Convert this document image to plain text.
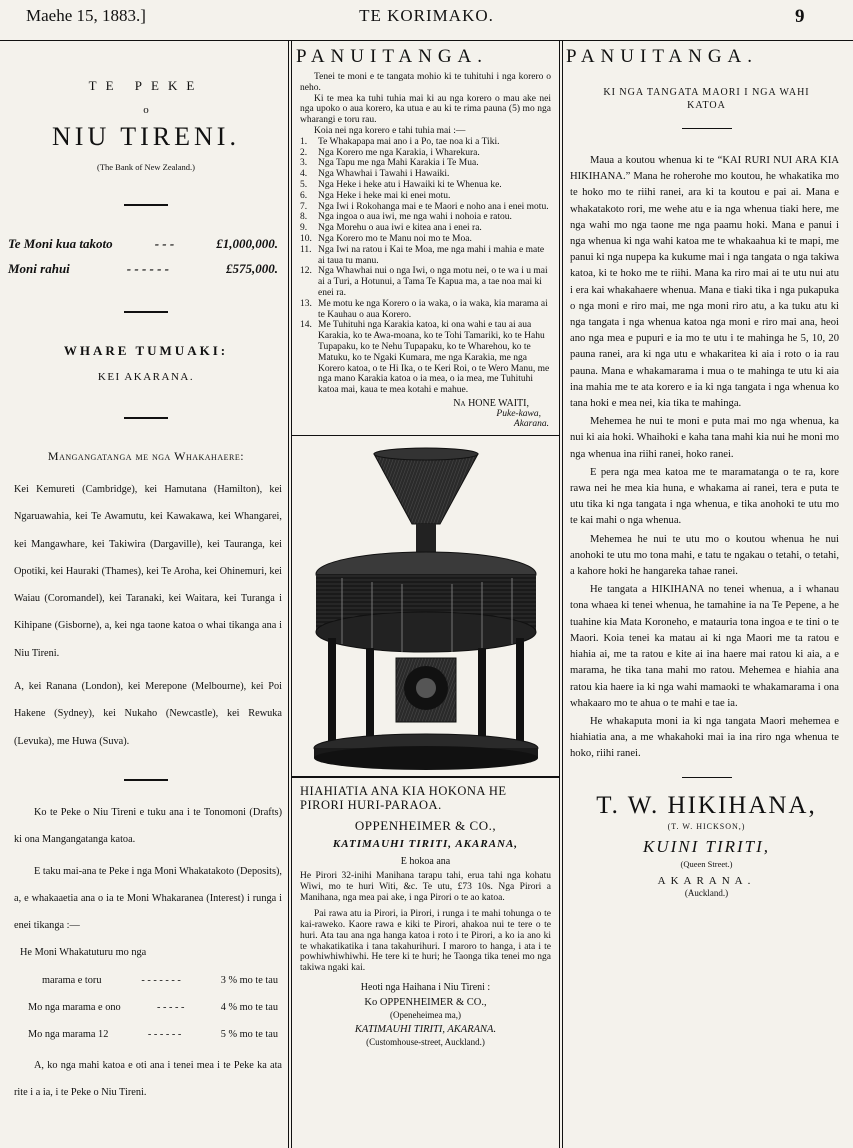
Maehe 15, 1883.]	TE KORIMAKO.	9
TE PEKE
o
NIU TIRENI.
(The Bank of New Zealand.)
Te Moni kua takoto	- - -	£1,000,000.
Moni rahui	- - - - - -	£575,000.
WHARE TUMUAKI:
KEI AKARANA.
Mangangatanga me nga Whakahaere:
Kei Kemureti (Cambridge), kei Hamutana (Hamilton), kei Ngaruawahia, kei Te Awamutu, kei Kawakawa, kei Whangarei, kei Mangawhare, kei Takiwira (Dargaville), kei Tauranga, kei Opotiki, kei Hauraki (Thames), kei Te Aroha, kei Ohinemuri, kei Waiau (Coromandel), kei Taranaki, kei Waitara, kei Turanga i Kihipane (Gisborne), a, kei nga taone katoa o whai tikanga ana i Niu Tireni.
A, kei Ranana (London), kei Merepone (Melbourne), kei Poi Hakene (Sydney), kei Nukaho (Newcastle), kei Rewuka (Levuka), me Huwa (Suva).
Ko te Peke o Niu Tireni e tuku ana i te Tonomoni (Drafts) ki ona Mangangatanga katoa.
E taku mai-ana te Peke i nga Moni Whakatakoto (Deposits), a, e whakaaetia ana o ia te Moni Whakaranea (Interest) i runga i enei tikanga :—
He Moni Whakatuturu mo nga
marama e toru	- - - - - - -	3 % mo te tau
Mo nga marama e ono	- - - - -	4 % mo te tau
Mo nga marama 12	- - - - - -	5 % mo te tau
A, ko nga mahi katoa e oti ana i tenei mea i te Peke ka ata rite i a ia, i te Peke o Niu Tireni.
PANUITANGA.
Tenei te moni e te tangata mohio ki te tuhituhi i nga korero o neho.
Ki te mea ka tuhi tuhia mai ki au nga korero o mau ake nei nga upoko o aua korero, ka utua e au ki te rima pauna (5) mo nga wharangi e toru rau.
Koia nei nga korero e tahi tuhia mai :—
1.	Te Whakapapa mai ano i a Po, tae noa ki a Tiki.
2.	Nga Korero me nga Karakia, i Wharekura.
3.	Nga Tapu me nga Mahi Karakia i Te Mua.
4.	Nga Whawhai i Tawahi i Hawaiki.
5.	Nga Heke i heke atu i Hawaiki ki te Whenua ke.
6.	Nga Heke i heke mai ki enei motu.
7.	Nga Iwi i Rokohanga mai e te Maori e noho ana i enei motu.
8.	Nga ingoa o aua iwi, me nga wahi i nohoia e ratou.
9.	Nga Morehu o aua iwi e kitea ana i enei ra.
10. Nga Korero mo te Manu noi mo te Moa.
11. Nga Iwi na ratou i Kai te Moa, me nga mahi i mahia e mate ai taua tu manu.
12. Nga Whawhai nui o nga Iwi, o nga motu nei, o te wa i u mai ai a Turi, a Hotunui, a Tama Te Kapua ma, a tae noa mai ki enei ra.
13. Me motu ke nga Korero o ia waka, o ia waka, kia marama ai te Kauhau o aua Korero.
14. Me Tuhituhi nga Karakia katoa, ki ona wahi e tau ai aua Karakia, ko te Awa-moana, ko te Tohi Tamariki, ko te Hahu Tupapaku, ko te Nehu Tupapaku, ko te Wharehou, ko te Matuku, ko te Ngaki Kumara, me nga Karakia, me nga Korero katoa, o te Hi Ika, o te Keri Roi, o te Wero Manu, me nga mano Karakia katoa o ia mea, o ia mea, me Tuhituhi katoa mai, kaua te mea kotahi e mahue.
Na HONE WAITI,
Puke-kawa,
Akarana.
HIAHIATIA ANA KIA HOKONA HE PIRORI HURI-PARAOA.
OPPENHEIMER & CO.,
KATIMAUHI TIRITI, AKARANA,
E hokoa ana
He Pirori 32-inihi Manihana tarapu tahi, erua tahi nga kohatu Wiwi, mo te huri Witi, &c. Te utu, £73 10s. Nga Pirori a Manihana, nga mea pai ake, i nga Pirori o te ao katoa.
Pai rawa atu ia Pirori, ia Pirori, i runga i te mahi tohunga o te kai-raweko. Kaore rawa e kiki te Pirori, ahakoa nui te tere o te huri. Ata tau ana nga hanga katoa i roto i te Pirori, a ko ia ano ki te whakatikatika i tana takahurihuri. I maroro to hanga, i ata i te powhiwhiwhiwhi. He tere ki te huri; he Taonga tika tenei mo nga takiwa ngaki kai.
Heoti nga Haihana i Niu Tireni :
Ko OPPENHEIMER & CO.,
(Openeheimea ma,)
KATIMAUHI TIRITI, AKARANA.
(Customhouse-street, Auckland.)
PANUITANGA.
KI NGA TANGATA MAORI I NGA WAHI KATOA
Maua a koutou whenua ki te “KAI RURI NUI ARA KIA HIKIHANA.” Mana he roherohe mo koutou, he whakatika mo te hoko mo te riihi ranei, ara ki ta koutou e pai ai. Mana e whakatakoto rori, me wehe atu e ia nga whenua tiaki here, me nga wahi mo nga taone me nga paamu hoki. Mana e panui i nga whenua ki nga wahi katoa me te whakaahua ki te mapi, me panui ki nga nupepa ka kukume mai i nga tangata o nga takiwa katoa, ki te hoko me te riihi. Mana ka riro mai ai te utu nui atu i era kai whakahaere whenua. Mana e tiaki tika i nga pukapuka o nga moni e riro mai, me nga moni riro atu, a ka tuku atu ki nga tangata i nga whenua katoa nga moni e riro mai ana, heoi ano nga mea e pupuri e ia mo te utu i te mahinga he 5, 10, 20 pauna ranei, ara ki nga utu e whakaritea ki aia i roto o ia rau pauna. Mana e whakamarama i mua o te mahinga te utu ki aia ina mahia me te ata korero e ia ki nga tangata i nga whenua ko tana hoki e mea nei, kia tika te mahinga.
Mehemea he nui te moni e puta mai mo nga whenua, ka nui ki aia hoki. Whaihoki e kaha tana mahi kia nui he moni mo nga whenua ina riihi ranei, hoko ranei.
E pera nga mea katoa me te maramatanga o te ra, kore rawa nei he mea kia huna, e whakama ai ranei, tera e puta te utu tika ki nga tangata i nga whenua, e tika anohoki te utu mo te kai mahi o nga whenua.
Mehemea he nui te utu mo o koutou whenua he nui anohoki te utu mo tona mahi, e tatu te ngakau o tetahi, o tetahi, a kahore hoki he hangareka tahae ranei.
He tangata a HIKIHANA no tenei whenua, a i whanau tona whaea ki tenei whenua, he tamahine ia na Te Pepene, a he tuahine kia Mata Koroneho, e matauria tona ingoa e te tini o te Maori. Koia tenei ka matau ai ki nga Maori me ta ratou e hiahia ai, me ta ratou e kite ai ina haere mai ratou ki aia, a e marama, he tika tana mahi mo ratou. Mehemea e hiahia ana ratou kia haere ia ki nga wahi mamaoki te whakamarama i ona whakaaro mo te ahua o te mahi e tae ia.
He whakaputa moni ia ki nga tangata Maori mehemea e hiahiatia ana, a me whakahoki mai ia ina riro nga whenua te hoko, riihi ranei.
T. W. HIKIHANA,
(T. W. HICKSON,)
KUINI TIRITI,
(Queen Street.)
AKARANA.
(Auckland.)
